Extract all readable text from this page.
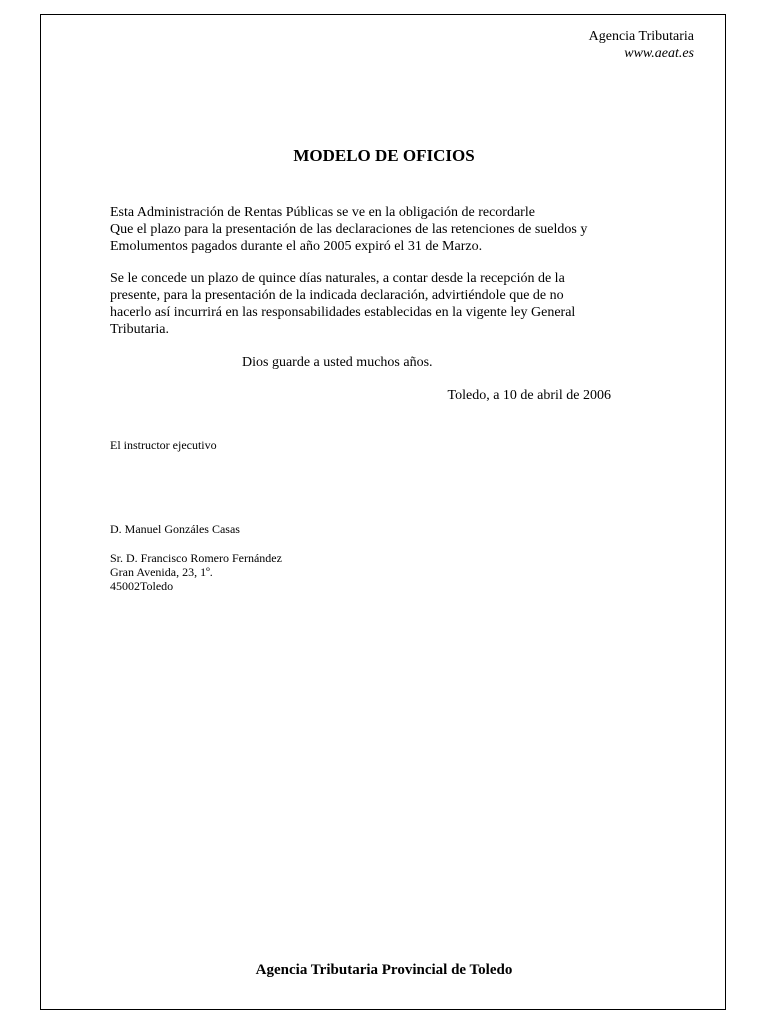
Agencia Tributaria
www.aeat.es
MODELO DE OFICIOS
Esta Administración de Rentas Públicas se ve en la obligación de recordarle
Que el plazo para la presentación de las declaraciones de las retenciones de sueldos y
Emolumentos pagados durante el año 2005 expiró el 31 de Marzo.
Se le concede un plazo de quince días naturales, a contar desde la recepción de la
presente, para la presentación de la indicada declaración, advirtiéndole que de no
hacerlo así incurrirá en las responsabilidades establecidas en la vigente ley General
Tributaria.
Dios guarde a usted muchos años.
Toledo, a 10 de abril de 2006
El instructor ejecutivo
D. Manuel Gonzáles Casas
Sr. D. Francisco Romero Fernández
Gran Avenida, 23, 1º.
45002Toledo
Agencia Tributaria Provincial de Toledo
